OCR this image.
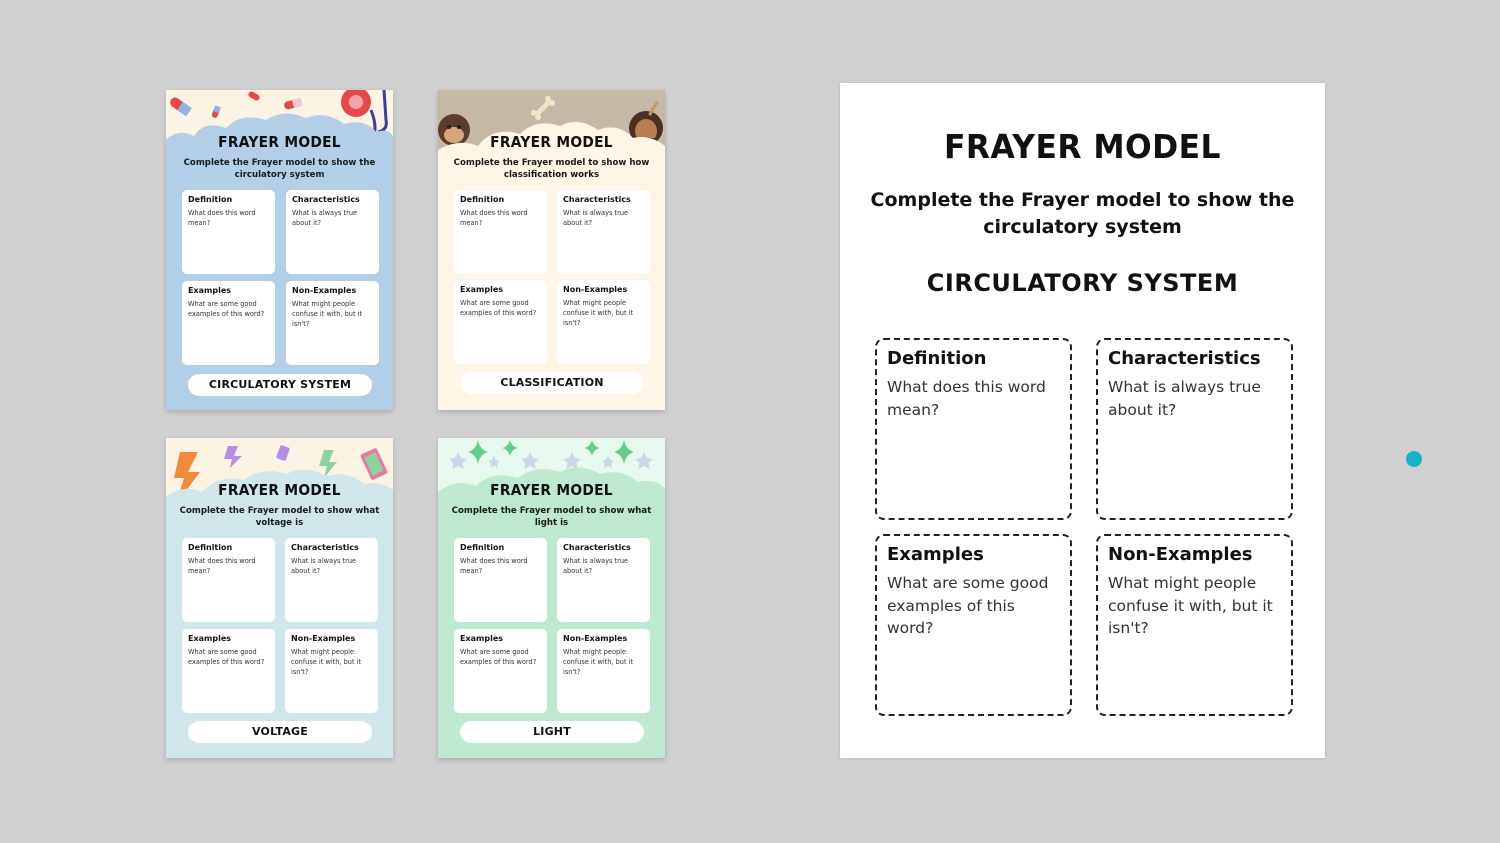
FRAYER MODEL
Complete the Frayer model to show the circulatory system
Definition
What does this word mean?
Characteristics
What is always true about it?
Examples
What are some good examples of this word?
Non-Examples
What might people confuse it with, but it isn't?
CIRCULATORY SYSTEM
FRAYER MODEL
Complete the Frayer model to show how classification works
Definition
What does this word mean?
Characteristics
What is always true about it?
Examples
What are some good examples of this word?
Non-Examples
What might people confuse it with, but it isn't?
CLASSIFICATION
FRAYER MODEL
Complete the Frayer model to show what voltage is
Definition
What does this word mean?
Characteristics
What is always true about it?
Examples
What are some good examples of this word?
Non-Examples
What might people confuse it with, but it isn't?
VOLTAGE
FRAYER MODEL
Complete the Frayer model to show what light is
Definition
What does this word mean?
Characteristics
What is always true about it?
Examples
What are some good examples of this word?
Non-Examples
What might people confuse it with, but it isn't?
LIGHT
FRAYER MODEL
Complete the Frayer model to show the circulatory system
CIRCULATORY SYSTEM
Definition
What does this word mean?
Characteristics
What is always true about it?
Examples
What are some good examples of this word?
Non-Examples
What might people confuse it with, but it isn't?
